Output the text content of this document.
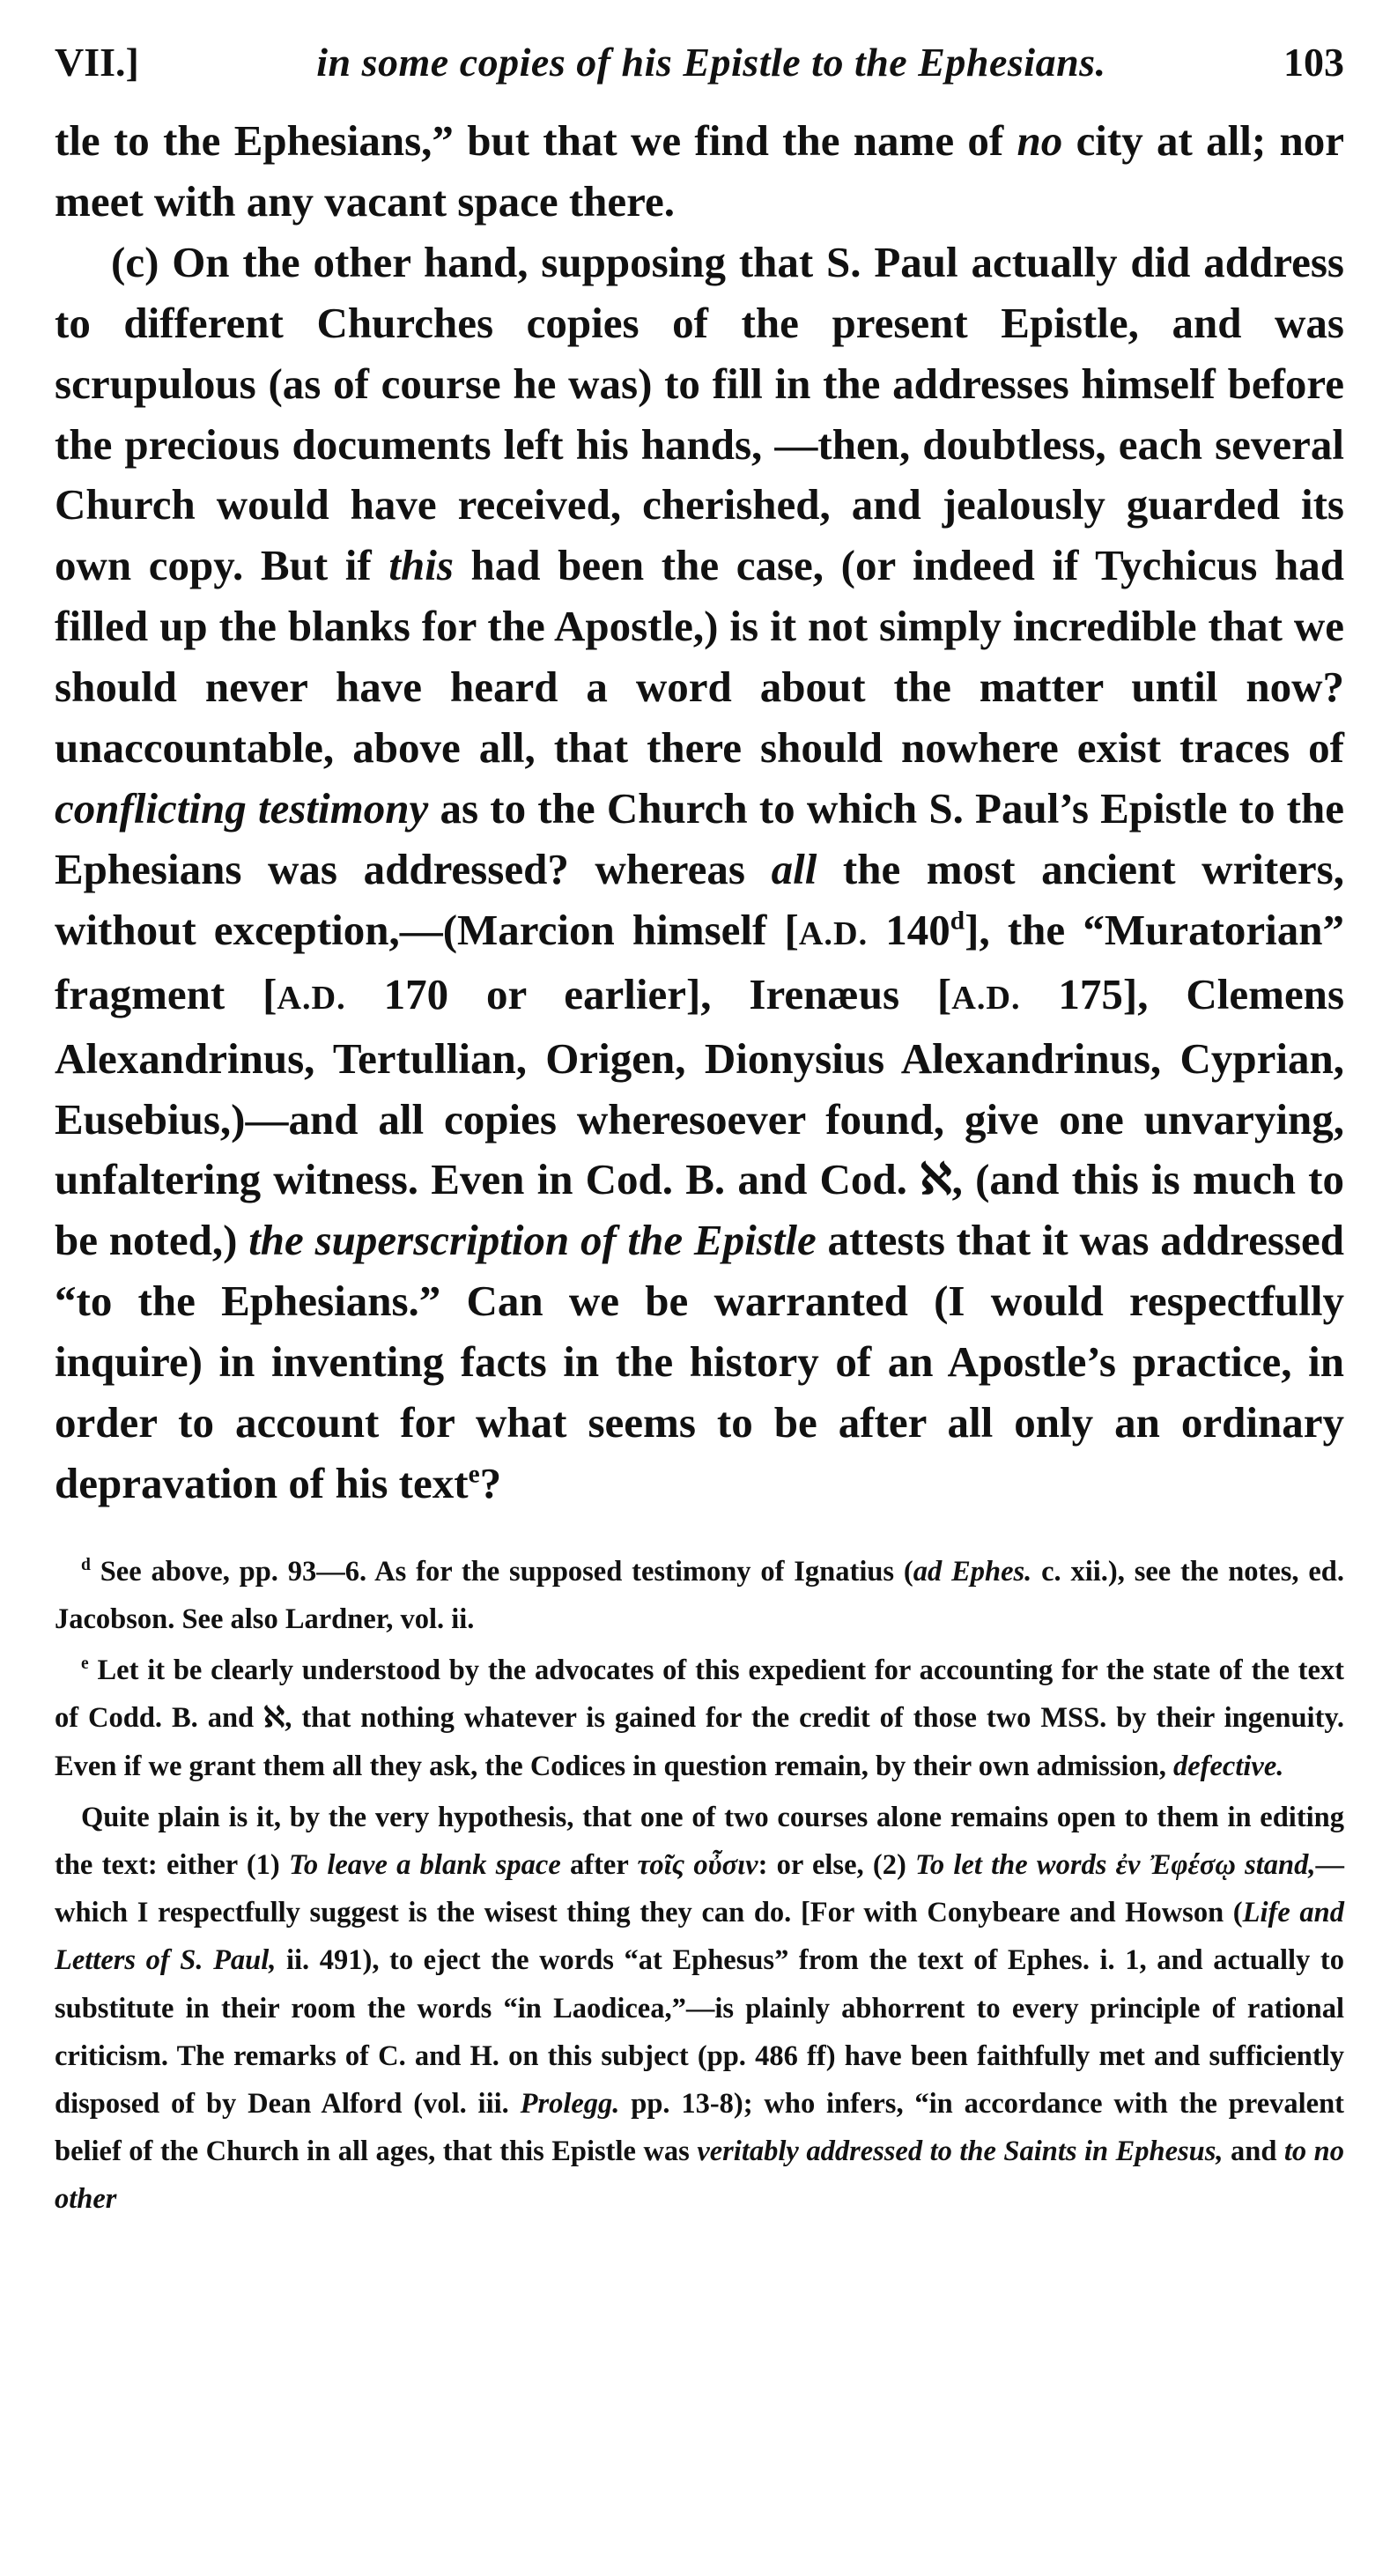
VII.]	in some copies of his Epistle to the Ephesians.	103

tle to the Ephesians,” but that we find the name of no city at all; nor meet with any vacant space there.

(c) On the other hand, supposing that S. Paul actually did address to different Churches copies of the present Epistle, and was scrupulous (as of course he was) to fill in the addresses himself before the precious documents left his hands, —then, doubtless, each several Church would have received, cherished, and jealously guarded its own copy. But if this had been the case, (or indeed if Tychicus had filled up the blanks for the Apostle,) is it not simply incredible that we should never have heard a word about the matter until now? unaccountable, above all, that there should nowhere exist traces of conflicting testimony as to the Church to which S. Paul’s Epistle to the Ephesians was addressed? whereas all the most ancient writers, without exception,—(Marcion himself [A.D. 140$^d$], the “Muratorian” fragment [A.D. 170 or earlier], Irenæus [A.D. 175], Clemens Alexandrinus, Tertullian, Origen, Dionysius Alexandrinus, Cyprian, Eusebius,)—and all copies wheresoever found, give one unvarying, unfaltering witness. Even in Cod. B. and Cod. ℵ, (and this is much to be noted,) the superscription of the Epistle attests that it was addressed “to the Ephesians.” Can we be warranted (I would respectfully inquire) in inventing facts in the history of an Apostle’s practice, in order to account for what seems to be after all only an ordinary depravation of his text$^e$?

$^d$ See above, pp. 93—6. As for the supposed testimony of Ignatius (ad Ephes. c. xii.), see the notes, ed. Jacobson. See also Lardner, vol. ii.

$^e$ Let it be clearly understood by the advocates of this expedient for accounting for the state of the text of Codd. B. and ℵ, that nothing whatever is gained for the credit of those two MSS. by their ingenuity. Even if we grant them all they ask, the Codices in question remain, by their own admission, defective.

Quite plain is it, by the very hypothesis, that one of two courses alone remains open to them in editing the text: either (1) To leave a blank space after τοῖς οὖσιν: or else, (2) To let the words ἐν Ἐφέσῳ stand,—which I respectfully suggest is the wisest thing they can do. [For with Conybeare and Howson (Life and Letters of S. Paul, ii. 491), to eject the words “at Ephesus” from the text of Ephes. i. 1, and actually to substitute in their room the words “in Laodicea,”—is plainly abhorrent to every principle of rational criticism. The remarks of C. and H. on this subject (pp. 486 ff) have been faithfully met and sufficiently disposed of by Dean Alford (vol. iii. Prolegg. pp. 13-8); who infers, “in accordance with the prevalent belief of the Church in all ages, that this Epistle was veritably addressed to the Saints in Ephesus, and to no other
